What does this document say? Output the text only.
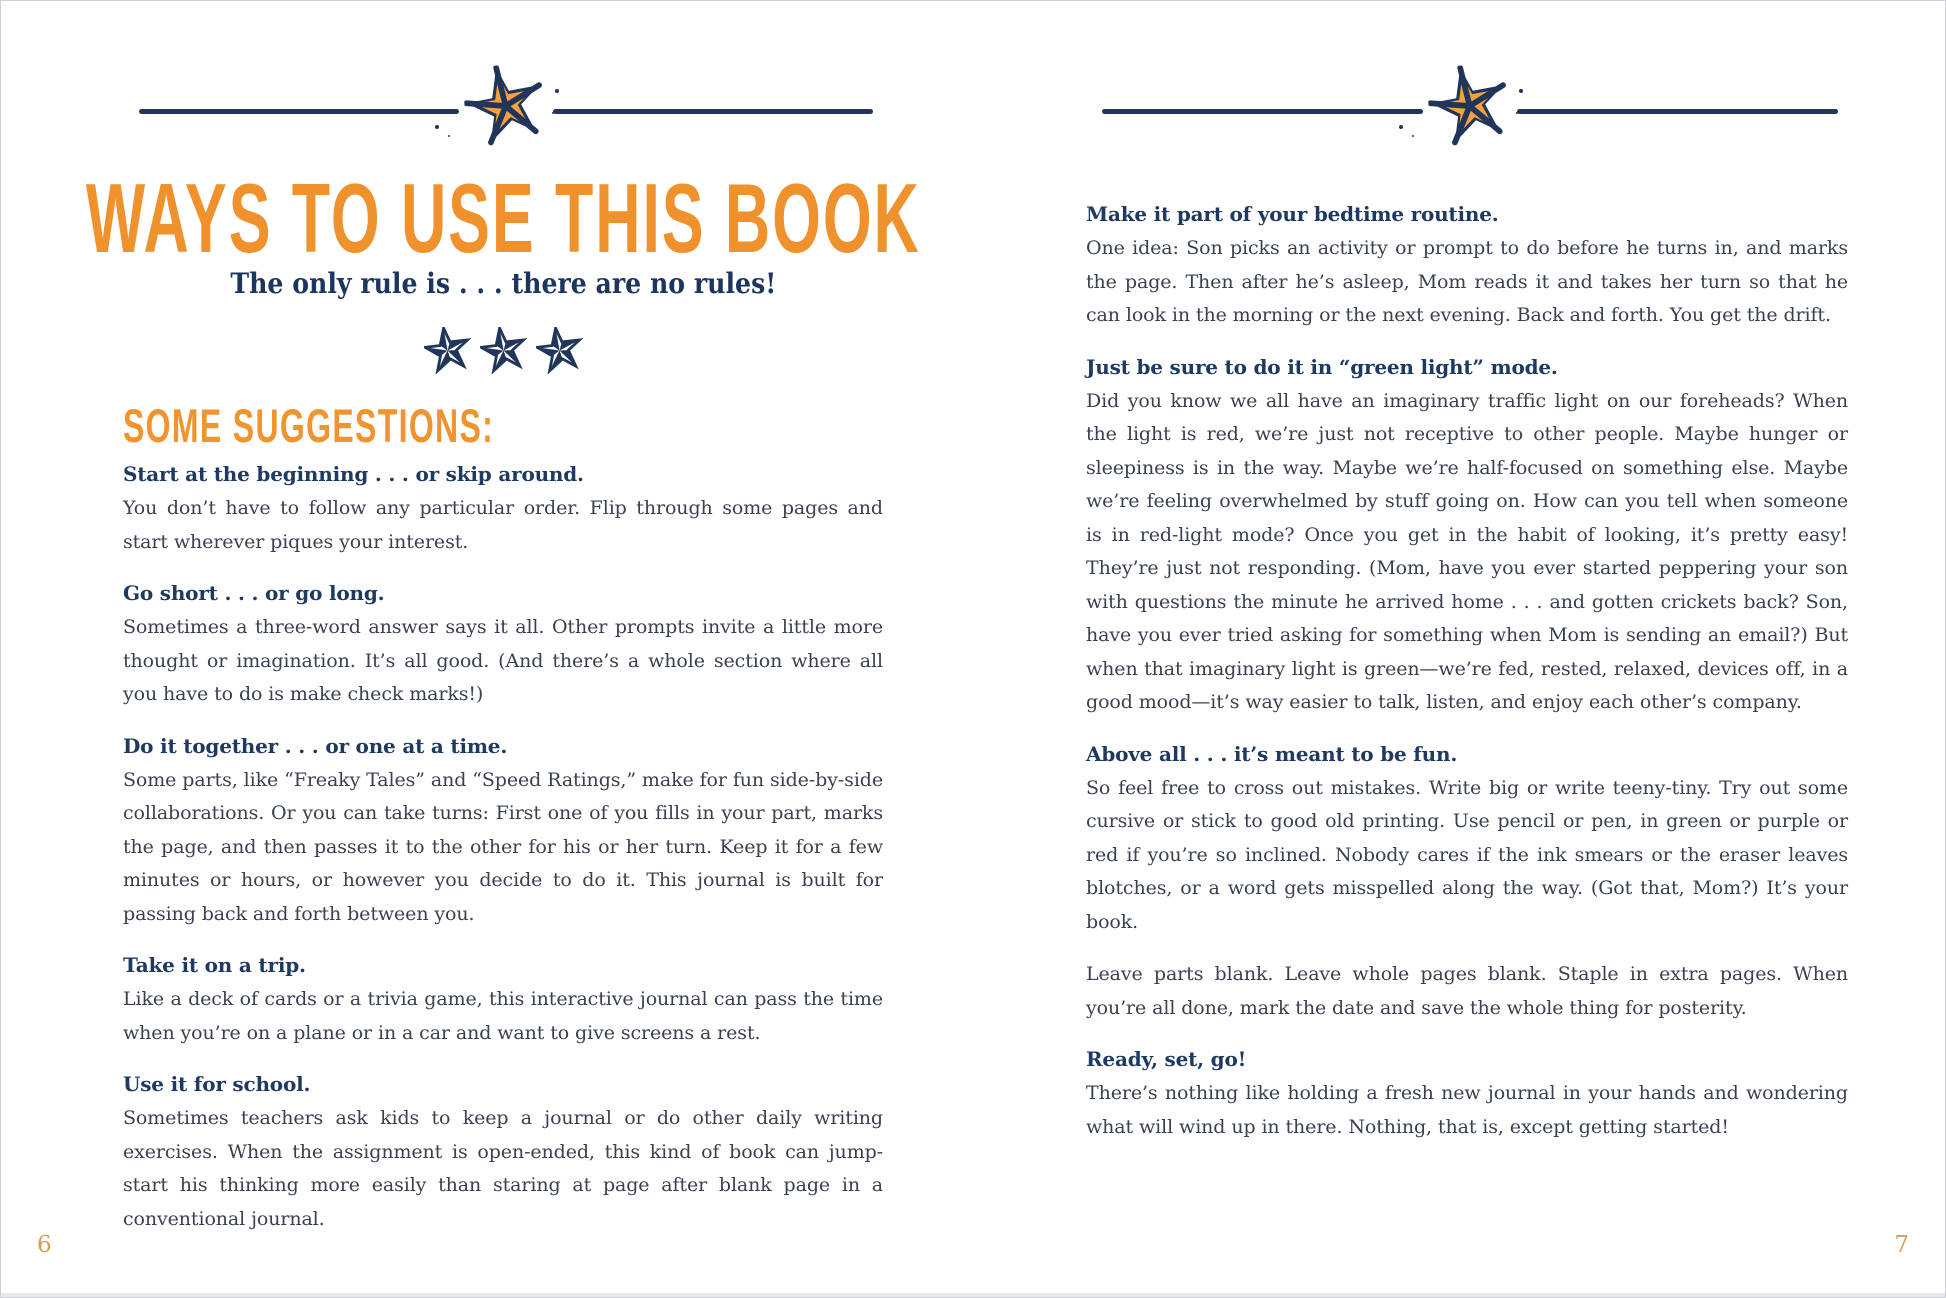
WAYS TO USE THIS BOOK
The only rule is . . . there are no rules!
SOME SUGGESTIONS:
Start at the beginning . . . or skip around.

You don’t have to follow any particular order. Flip through some pages and start wherever piques your interest.

Go short . . . or go long.

Sometimes a three-word answer says it all. Other prompts invite a little more thought or imagination. It’s all good. (And there’s a whole section where all you have to do is make check marks!)

Do it together . . . or one at a time.

Some parts, like “Freaky Tales” and “Speed Ratings,” make for fun side-by-side collaborations. Or you can take turns: First one of you fills in your part, marks the page, and then passes it to the other for his or her turn. Keep it for a few minutes or hours, or however you decide to do it. This journal is built for passing back and forth between you.

Take it on a trip.

Like a deck of cards or a trivia game, this interactive journal can pass the time when you’re on a plane or in a car and want to give screens a rest.

Use it for school.

Sometimes teachers ask kids to keep a journal or do other daily writing exercises. When the assignment is open-ended, this kind of book can jump-start his thinking more easily than staring at page after blank page in a conventional journal.

Make it part of your bedtime routine.

One idea: Son picks an activity or prompt to do before he turns in, and marks the page. Then after he’s asleep, Mom reads it and takes her turn so that he can look in the morning or the next evening. Back and forth. You get the drift.

Just be sure to do it in “green light” mode.

Did you know we all have an imaginary traffic light on our foreheads? When the light is red, we’re just not receptive to other people. Maybe hunger or sleepiness is in the way. Maybe we’re half-focused on something else. Maybe we’re feeling overwhelmed by stuff going on. How can you tell when someone is in red-light mode? Once you get in the habit of looking, it’s pretty easy! They’re just not responding. (Mom, have you ever started peppering your son with questions the minute he arrived home . . . and gotten crickets back? Son, have you ever tried asking for something when Mom is sending an email?) But when that imaginary light is green—we’re fed, rested, relaxed, devices off, in a good mood—it’s way easier to talk, listen, and enjoy each other’s company.

Above all . . . it’s meant to be fun.

So feel free to cross out mistakes. Write big or write teeny-tiny. Try out some cursive or stick to good old printing. Use pencil or pen, in green or purple or red if you’re so inclined. Nobody cares if the ink smears or the eraser leaves blotches, or a word gets misspelled along the way. (Got that, Mom?) It’s your book.

Leave parts blank. Leave whole pages blank. Staple in extra pages. When you’re all done, mark the date and save the whole thing for posterity.

Ready, set, go!

There’s nothing like holding a fresh new journal in your hands and wondering what will wind up in there. Nothing, that is, except getting started!

6	7
